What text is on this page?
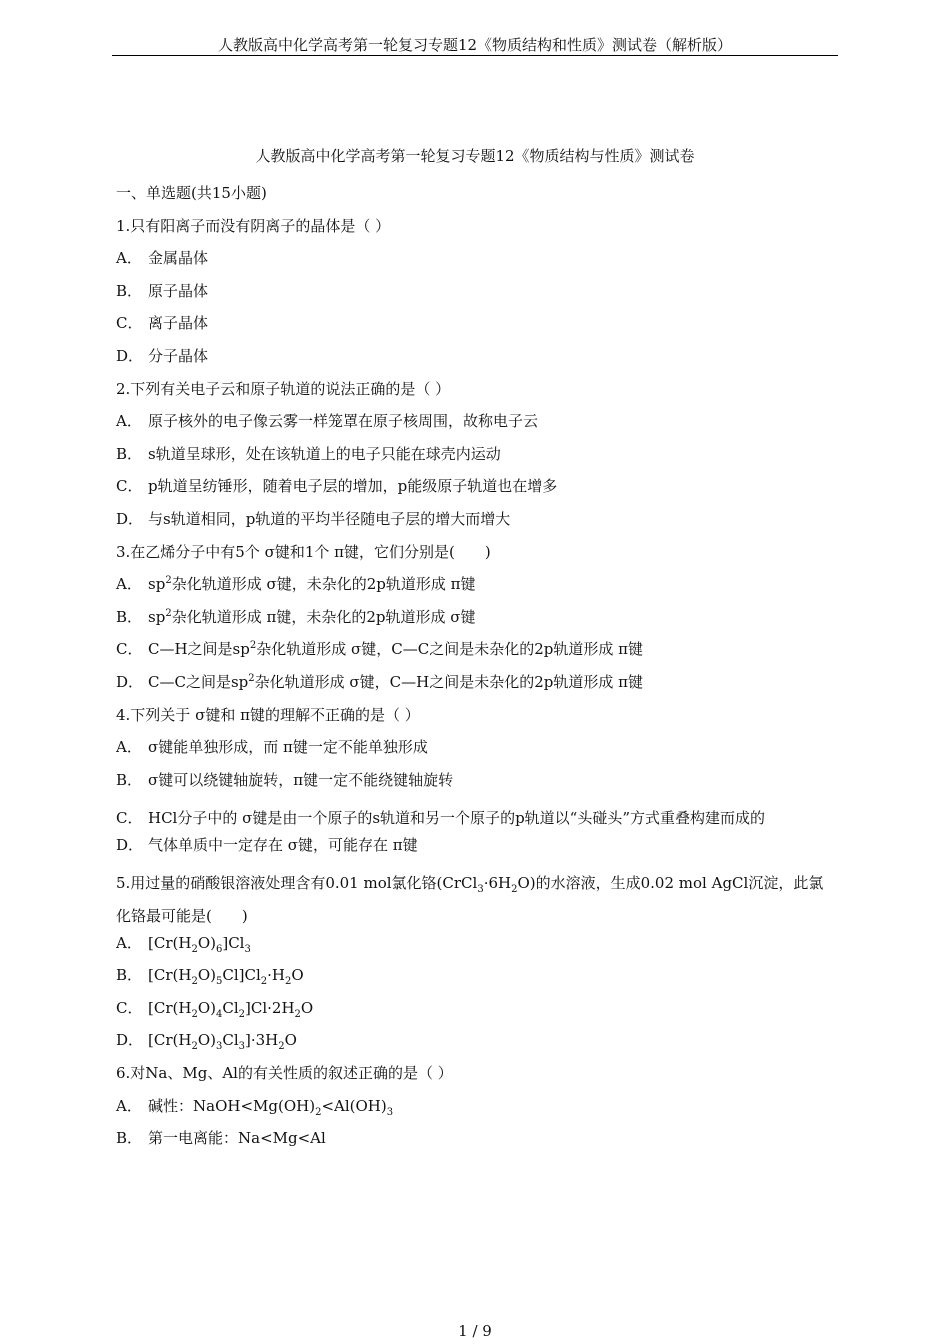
人教版高中化学高考第一轮复习专题12《物质结构和性质》测试卷（解析版）
人教版高中化学高考第一轮复习专题12《物质结构与性质》测试卷
一、单选题(共15小题)
1.只有阳离子而没有阴离子的晶体是（ ）
A． 金属晶体
B． 原子晶体
C． 离子晶体
D． 分子晶体
2.下列有关电子云和原子轨道的说法正确的是（ ）
A． 原子核外的电子像云雾一样笼罩在原子核周围，故称电子云
B． s轨道呈球形，处在该轨道上的电子只能在球壳内运动
C． p轨道呈纺锤形，随着电子层的增加，p能级原子轨道也在增多
D． 与s轨道相同，p轨道的平均半径随电子层的增大而增大
3.在乙烯分子中有5个 σ键和1个 π键，它们分别是(　　)
A． $sp^2$杂化轨道形成 σ键，未杂化的2p轨道形成 π键
B． $sp^2$杂化轨道形成 π键，未杂化的2p轨道形成 σ键
C． C—H之间是$sp^2$杂化轨道形成 σ键，C—C之间是未杂化的2p轨道形成 π键
D． C—C之间是$sp^2$杂化轨道形成 σ键，C—H之间是未杂化的2p轨道形成 π键
4.下列关于 σ键和 π键的理解不正确的是（ ）
A． σ键能单独形成，而 π键一定不能单独形成
B． σ键可以绕键轴旋转，π键一定不能绕键轴旋转
C． HCl分子中的 σ键是由一个原子的s轨道和另一个原子的p轨道以“头碰头”方式重叠构建而成的
D． 气体单质中一定存在 σ键，可能存在 π键
5.用过量的硝酸银溶液处理含有0.01 mol氯化铬$(CrCl_3\cdot 6H_2O)$的水溶液，生成0.02 mol AgCl沉淀，此氯化铬最可能是(　　)
A． $[Cr(H_2O)_6]Cl_3$
B． $[Cr(H_2O)_5Cl]Cl_2\cdot H_2O$
C． $[Cr(H_2O)_4Cl_2]Cl\cdot 2H_2O$
D． $[Cr(H_2O)_3Cl_3]\cdot 3H_2O$
6.对Na、Mg、Al的有关性质的叙述正确的是（ ）
A． 碱性：$NaOH<Mg(OH)_2<Al(OH)_3$
B． 第一电离能：Na<Mg<Al
1 / 9
